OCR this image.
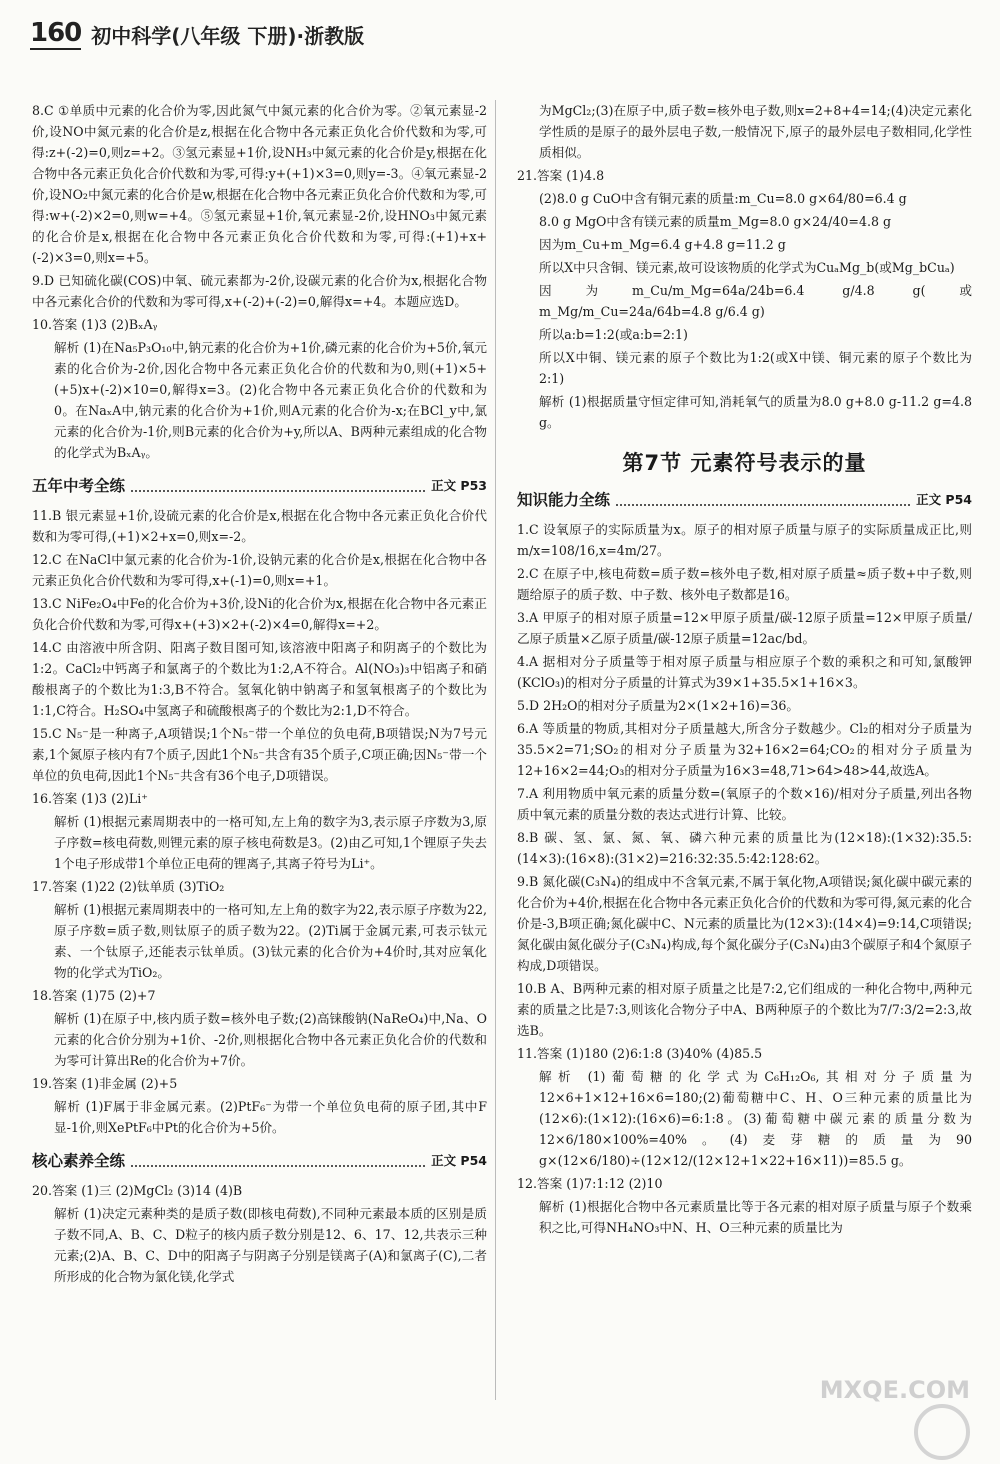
160 初中科学(八年级 下册)·浙教版

8.C ①单质中元素的化合价为零,因此氮气中氮元素的化合价为零。②氧元素显-2价,设NO中氮元素的化合价是z,根据在化合物中各元素正负化合价代数和为零,可得:z+(-2)=0,则z=+2。③氢元素显+1价,设NH₃中氮元素的化合价是y,根据在化合物中各元素正负化合价代数和为零,可得:y+(+1)×3=0,则y=-3。④氧元素显-2价,设NO₂中氮元素的化合价是w,根据在化合物中各元素正负化合价代数和为零,可得:w+(-2)×2=0,则w=+4。⑤氢元素显+1价,氧元素显-2价,设HNO₃中氮元素的化合价是x,根据在化合物中各元素正负化合价代数和为零,可得:(+1)+x+(-2)×3=0,则x=+5。

9.D 已知硫化碳(COS)中氧、硫元素都为-2价,设碳元素的化合价为x,根据化合物中各元素化合价的代数和为零可得,x+(-2)+(-2)=0,解得x=+4。本题应选D。

10.答案 (1)3 (2)BₓAᵧ

解析 (1)在Na₅P₃O₁₀中,钠元素的化合价为+1价,磷元素的化合价为+5价,氧元素的化合价为-2价,因化合物中各元素正负化合价的代数和为0,则(+1)×5+(+5)x+(-2)×10=0,解得x=3。(2)化合物中各元素正负化合价的代数和为0。在NaₓA中,钠元素的化合价为+1价,则A元素的化合价为-x;在BCl_y中,氯元素的化合价为-1价,则B元素的化合价为+y,所以A、B两种元素组成的化合物的化学式为BₓAᵧ。

五年中考全练	正文 P53

11.B 银元素显+1价,设硫元素的化合价是x,根据在化合物中各元素正负化合价代数和为零可得,(+1)×2+x=0,则x=-2。

12.C 在NaCl中氯元素的化合价为-1价,设钠元素的化合价是x,根据在化合物中各元素正负化合价代数和为零可得,x+(-1)=0,则x=+1。

13.C NiFe₂O₄中Fe的化合价为+3价,设Ni的化合价为x,根据在化合物中各元素正负化合价代数和为零,可得x+(+3)×2+(-2)×4=0,解得x=+2。

14.C 由溶液中所含阴、阳离子数目图可知,该溶液中阳离子和阴离子的个数比为1:2。CaCl₂中钙离子和氯离子的个数比为1:2,A不符合。Al(NO₃)₃中铝离子和硝酸根离子的个数比为1:3,B不符合。氢氧化钠中钠离子和氢氧根离子的个数比为1:1,C符合。H₂SO₄中氢离子和硫酸根离子的个数比为2:1,D不符合。

15.C N₅⁻是一种离子,A项错误;1个N₅⁻带一个单位的负电荷,B项错误;N为7号元素,1个氮原子核内有7个质子,因此1个N₅⁻共含有35个质子,C项正确;因N₅⁻带一个单位的负电荷,因此1个N₅⁻共含有36个电子,D项错误。

16.答案 (1)3 (2)Li⁺

解析 (1)根据元素周期表中的一格可知,左上角的数字为3,表示原子序数为3,原子序数=核电荷数,则锂元素的原子核电荷数是3。(2)由乙可知,1个锂原子失去1个电子形成带1个单位正电荷的锂离子,其离子符号为Li⁺。

17.答案 (1)22 (2)钛单质 (3)TiO₂

解析 (1)根据元素周期表中的一格可知,左上角的数字为22,表示原子序数为22,原子序数=质子数,则钛原子的质子数为22。(2)Ti属于金属元素,可表示钛元素、一个钛原子,还能表示钛单质。(3)钛元素的化合价为+4价时,其对应氧化物的化学式为TiO₂。

18.答案 (1)75 (2)+7

解析 (1)在原子中,核内质子数=核外电子数;(2)高铼酸钠(NaReO₄)中,Na、O元素的化合价分别为+1价、-2价,则根据化合物中各元素正负化合价的代数和为零可计算出Re的化合价为+7价。

19.答案 (1)非金属 (2)+5

解析 (1)F属于非金属元素。(2)PtF₆⁻为带一个单位负电荷的原子团,其中F显-1价,则XePtF₆中Pt的化合价为+5价。

核心素养全练	正文 P54

20.答案 (1)三 (2)MgCl₂ (3)14 (4)B

解析 (1)决定元素种类的是质子数(即核电荷数),不同种元素最本质的区别是质子数不同,A、B、C、D粒子的核内质子数分别是12、6、17、12,共表示三种元素;(2)A、B、C、D中的阳离子与阴离子分别是镁离子(A)和氯离子(C),二者所形成的化合物为氯化镁,化学式

为MgCl₂;(3)在原子中,质子数=核外电子数,则x=2+8+4=14;(4)决定元素化学性质的是原子的最外层电子数,一般情况下,原子的最外层电子数相同,化学性质相似。

21.答案 (1)4.8

(2)8.0 g CuO中含有铜元素的质量:m_Cu=8.0 g×64/80=6.4 g

8.0 g MgO中含有镁元素的质量m_Mg=8.0 g×24/40=4.8 g

因为m_Cu+m_Mg=6.4 g+4.8 g=11.2 g

所以X中只含铜、镁元素,故可设该物质的化学式为CuₐMg_b(或Mg_bCuₐ)

因为m_Cu/m_Mg=64a/24b=6.4 g/4.8 g(或m_Mg/m_Cu=24a/64b=4.8 g/6.4 g)

所以a:b=1:2(或a:b=2:1)

所以X中铜、镁元素的原子个数比为1:2(或X中镁、铜元素的原子个数比为2:1)

解析 (1)根据质量守恒定律可知,消耗氧气的质量为8.0 g+8.0 g-11.2 g=4.8 g。

第7节 元素符号表示的量
知识能力全练	正文 P54

1.C 设氧原子的实际质量为x。原子的相对原子质量与原子的实际质量成正比,则m/x=108/16,x=4m/27。

2.C 在原子中,核电荷数=质子数=核外电子数,相对原子质量≈质子数+中子数,则题给原子的质子数、中子数、核外电子数都是16。

3.A 甲原子的相对原子质量=12×甲原子质量/碳-12原子质量=12×甲原子质量/乙原子质量×乙原子质量/碳-12原子质量=12ac/bd。

4.A 据相对分子质量等于相对原子质量与相应原子个数的乘积之和可知,氯酸钾(KClO₃)的相对分子质量的计算式为39×1+35.5×1+16×3。

5.D 2H₂O的相对分子质量为2×(1×2+16)=36。

6.A 等质量的物质,其相对分子质量越大,所含分子数越少。Cl₂的相对分子质量为35.5×2=71;SO₂的相对分子质量为32+16×2=64;CO₂的相对分子质量为12+16×2=44;O₃的相对分子质量为16×3=48,71>64>48>44,故选A。

7.A 利用物质中氧元素的质量分数=(氧原子的个数×16)/相对分子质量,列出各物质中氧元素的质量分数的表达式进行计算、比较。

8.B 碳、氢、氯、氮、氧、磷六种元素的质量比为(12×18):(1×32):35.5:(14×3):(16×8):(31×2)=216:32:35.5:42:128:62。

9.B 氮化碳(C₃N₄)的组成中不含氧元素,不属于氧化物,A项错误;氮化碳中碳元素的化合价为+4价,根据在化合物中各元素正负化合价的代数和为零可得,氮元素的化合价是-3,B项正确;氮化碳中C、N元素的质量比为(12×3):(14×4)=9:14,C项错误;氮化碳由氮化碳分子(C₃N₄)构成,每个氮化碳分子(C₃N₄)由3个碳原子和4个氮原子构成,D项错误。

10.B A、B两种元素的相对原子质量之比是7:2,它们组成的一种化合物中,两种元素的质量之比是7:3,则该化合物分子中A、B两种原子的个数比为7/7:3/2=2:3,故选B。

11.答案 (1)180 (2)6:1:8 (3)40% (4)85.5

解析 (1)葡萄糖的化学式为C₆H₁₂O₆,其相对分子质量为12×6+1×12+16×6=180;(2)葡萄糖中C、H、O三种元素的质量比为(12×6):(1×12):(16×6)=6:1:8。(3)葡萄糖中碳元素的质量分数为12×6/180×100%=40%。(4)麦芽糖的质量为90 g×(12×6/180)÷(12×12/(12×12+1×22+16×11))=85.5 g。

12.答案 (1)7:1:12 (2)10

解析 (1)根据化合物中各元素质量比等于各元素的相对原子质量与原子个数乘积之比,可得NH₄NO₃中N、H、O三种元素的质量比为

MXQE.COM
